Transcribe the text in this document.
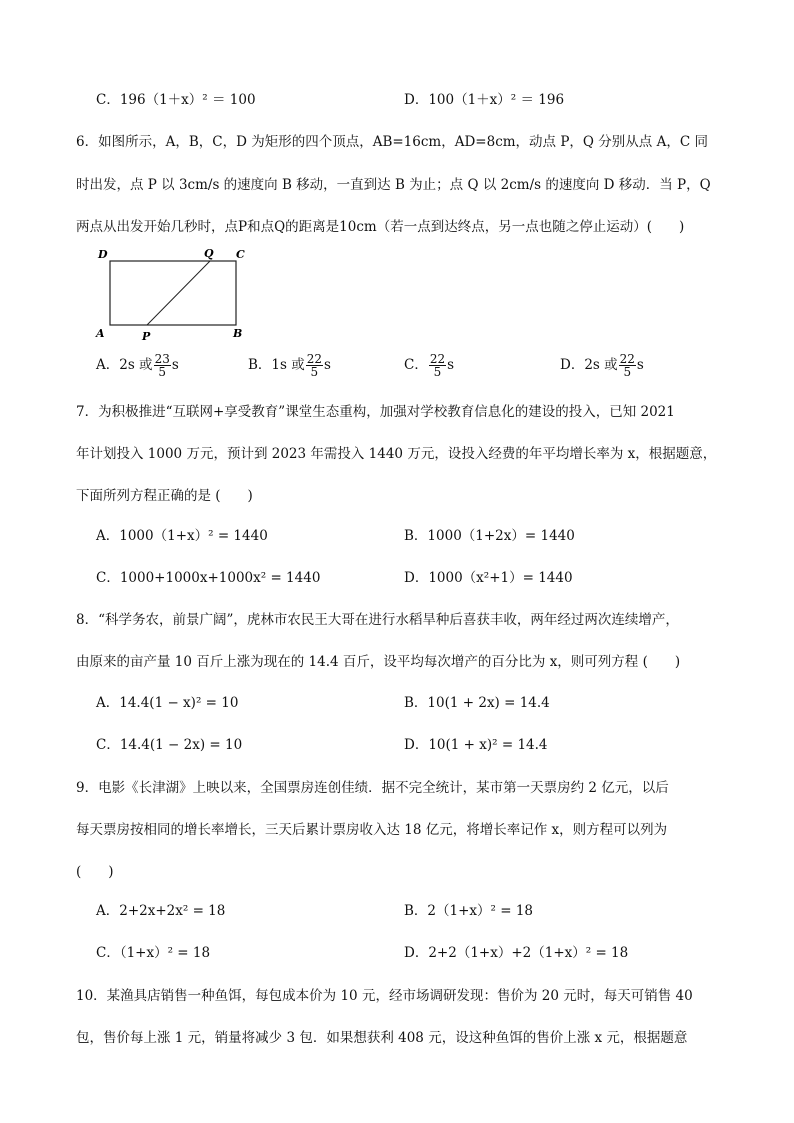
C．196（1＋x）² ＝ 100	D．100（1＋x）² ＝ 196
6．如图所示，A，B，C，D 为矩形的四个顶点，AB=16cm，AD=8cm，动点 P，Q 分别从点 A，C 同
时出发，点 P 以 3cm/s 的速度向 B 移动，一直到达 B 为止；点 Q 以 2cm/s 的速度向 D 移动．当 P，Q
两点从出发开始几秒时，点P和点Q的距离是10cm（若一点到达终点，另一点也随之停止运动）(　　)
D	Q C
A	P	B
A．2s 或 $\frac{23}{5}$ s	B．1s 或 $\frac{22}{5}$ s	C． $\frac{22}{5}$ s	D．2s 或 $\frac{22}{5}$ s
7．为积极推进“互联网+享受教育”课堂生态重构，加强对学校教育信息化的建设的投入，已知 2021
年计划投入 1000 万元，预计到 2023 年需投入 1440 万元，设投入经费的年平均增长率为 x，根据题意，
下面所列方程正确的是 (　　)
A．1000（1+x）² = 1440	B．1000（1+2x）= 1440
C．1000+1000x+1000x² = 1440	D．1000（x²+1）= 1440
8．“科学务农，前景广阔”，虎林市农民王大哥在进行水稻旱种后喜获丰收，两年经过两次连续增产，
由原来的亩产量 10 百斤上涨为现在的 14.4 百斤，设平均每次增产的百分比为 x，则可列方程 (　　)
A．14.4(1 − x)² = 10	B．10(1 + 2x) = 14.4
C．14.4(1 − 2x) = 10	D．10(1 + x)² = 14.4
9．电影《长津湖》上映以来，全国票房连创佳绩．据不完全统计，某市第一天票房约 2 亿元，以后
每天票房按相同的增长率增长，三天后累计票房收入达 18 亿元，将增长率记作 x，则方程可以列为
(　　)
A．2+2x+2x² = 18	B．2（1+x）² = 18
C．（1+x）² = 18	D．2+2（1+x）+2（1+x）² = 18
10．某渔具店销售一种鱼饵，每包成本价为 10 元，经市场调研发现：售价为 20 元时，每天可销售 40
包，售价每上涨 1 元，销量将减少 3 包．如果想获利 408 元，设这种鱼饵的售价上涨 x 元，根据题意
